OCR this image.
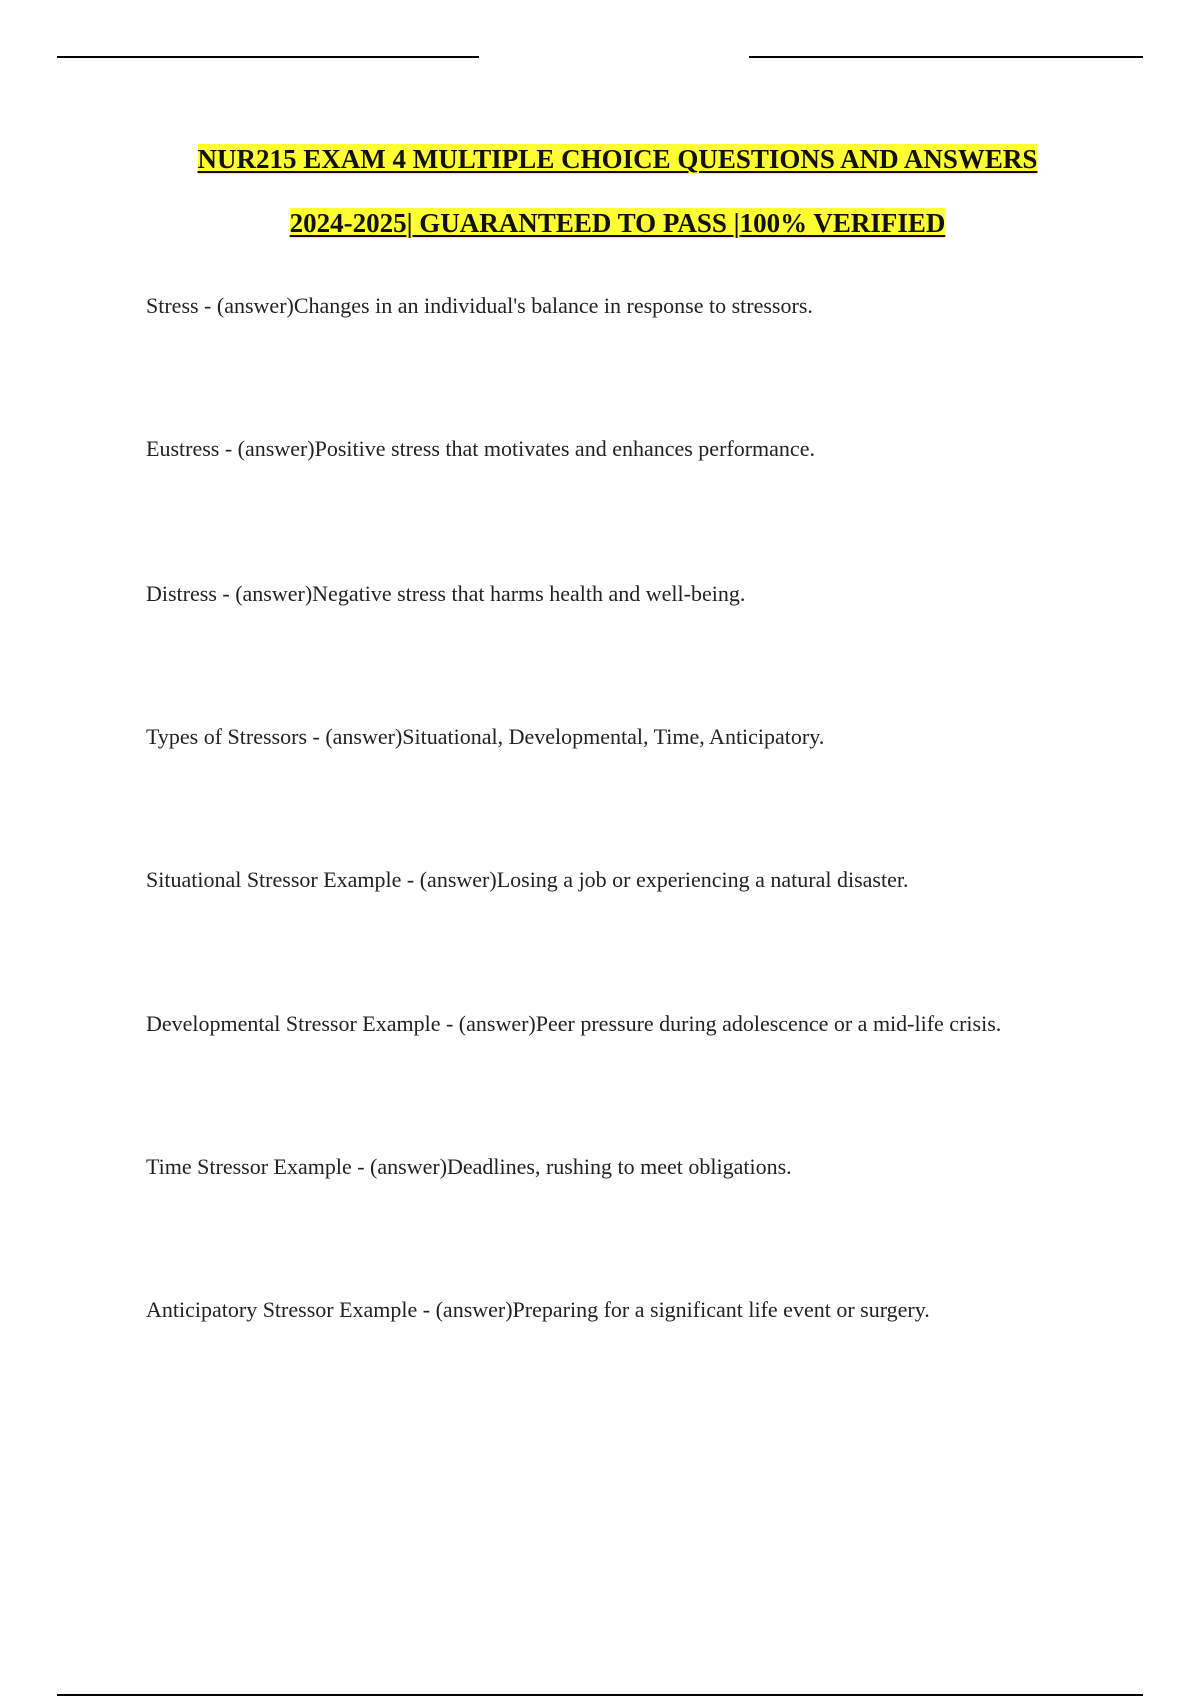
NUR215 EXAM 4 MULTIPLE CHOICE QUESTIONS AND ANSWERS
2024-2025| GUARANTEED TO PASS |100% VERIFIED
Stress - (answer)Changes in an individual's balance in response to stressors.
Eustress - (answer)Positive stress that motivates and enhances performance.
Distress - (answer)Negative stress that harms health and well-being.
Types of Stressors - (answer)Situational, Developmental, Time, Anticipatory.
Situational Stressor Example - (answer)Losing a job or experiencing a natural disaster.
Developmental Stressor Example - (answer)Peer pressure during adolescence or a mid-life crisis.
Time Stressor Example - (answer)Deadlines, rushing to meet obligations.
Anticipatory Stressor Example - (answer)Preparing for a significant life event or surgery.
